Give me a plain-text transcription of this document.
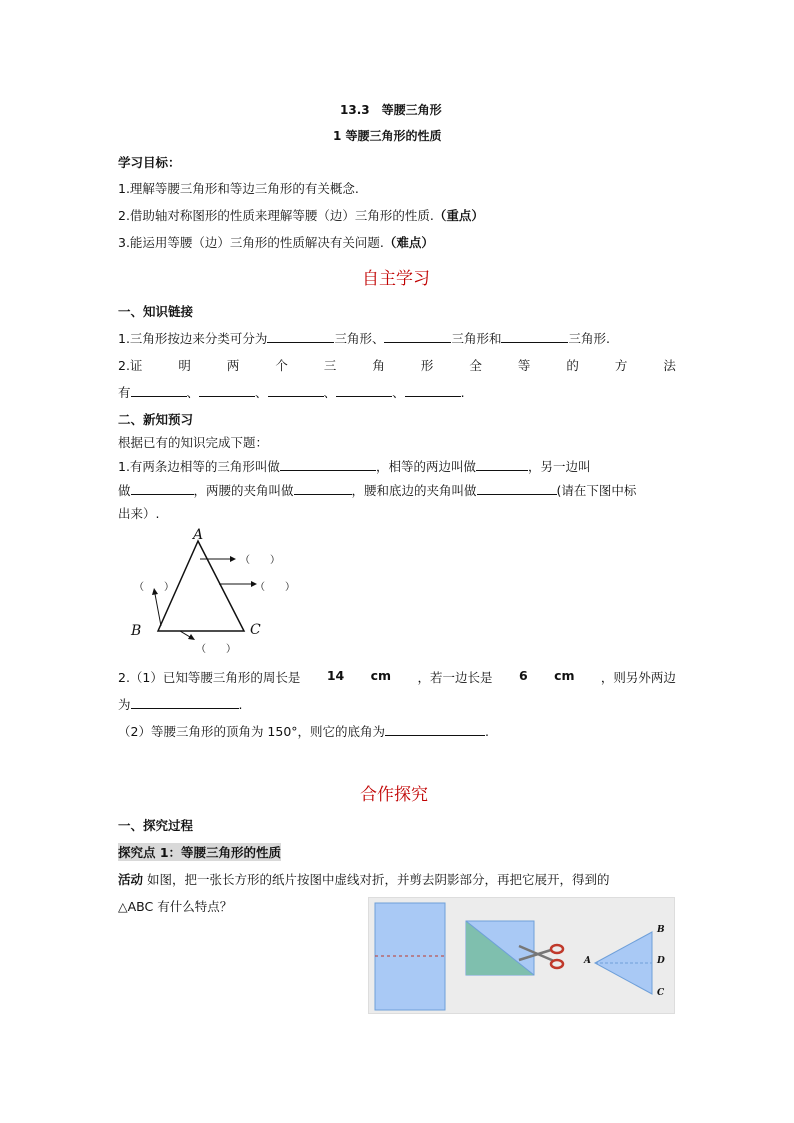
13.3　等腰三角形
1 等腰三角形的性质
学习目标：
1.理解等腰三角形和等边三角形的有关概念.
2.借助轴对称图形的性质来理解等腰（边）三角形的性质.（重点）
3.能运用等腰（边）三角形的性质解决有关问题.（难点）
自主学习
一、知识链接
1.三角形按边来分类可分为	三角形、	三角形和	三角形.
2.证	明	两	个	三	角	形	全	等	的	方	法
有	、	、	、	、	.
二、新知预习
根据已有的知识完成下题：
1.有两条边相等的三角形叫做	，相等的两边叫做	，另一边叫
做	，两腰的夹角叫做	，腰和底边的夹角叫做	(请在下图中标
出来）.
A
B	C
（　　）
（　　）
（　　）
（　　）
2.（1）已知等腰三角形的周长是 14 cm ，若一边长是 6 cm ，则另外两边
为	.
（2）等腰三角形的顶角为 150°，则它的底角为	.
合作探究
一、探究过程
探究点 1：等腰三角形的性质
活动 如图，把一张长方形的纸片按图中虚线对折，并剪去阴影部分，再把它展开，得到的
△ABC 有什么特点？
A
B
D
C
